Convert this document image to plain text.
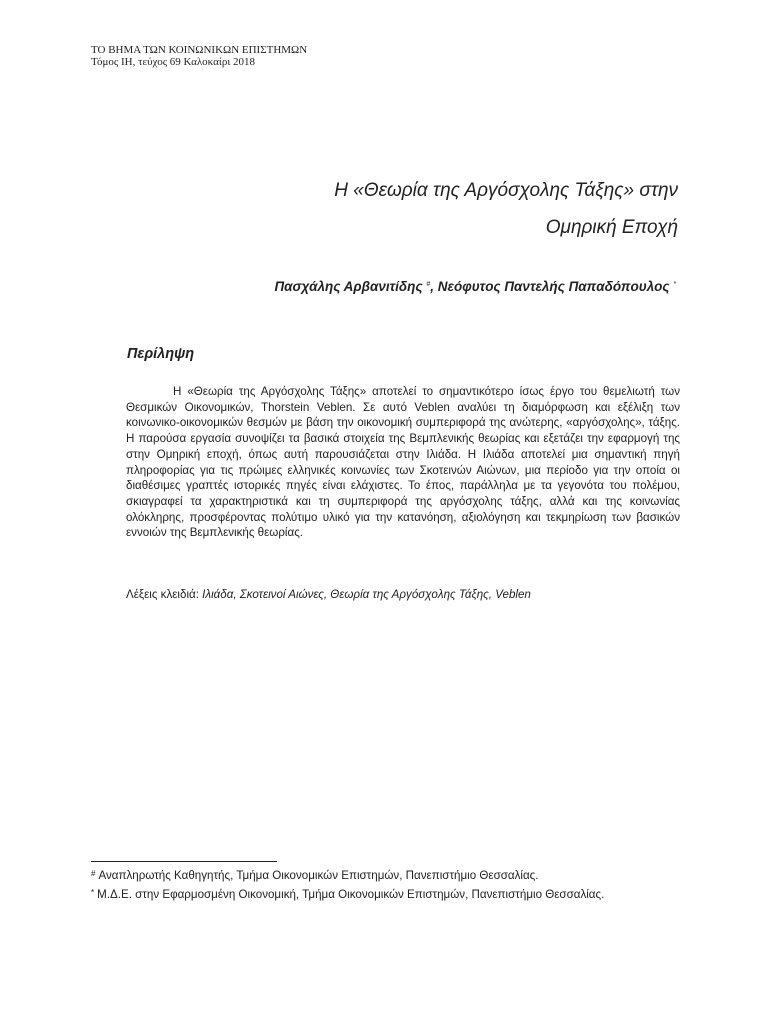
ΤΟ ΒΗΜΑ ΤΩΝ ΚΟΙΝΩΝΙΚΩΝ ΕΠΙΣΤΗΜΩΝ
Τόμος ΙΗ, τεύχος 69 Καλοκαίρι 2018
Η «Θεωρία της Αργόσχολης Τάξης» στην
Ομηρική Εποχή
Πασχάλης Αρβανιτίδης #, Νεόφυτος Παντελής Παπαδόπουλος *
Περίληψη

Η «Θεωρία της Αργόσχολης Τάξης» αποτελεί το σημαντικότερο ίσως έργο του θεμελιωτή των Θεσμικών Οικονομικών, Thorstein Veblen. Σε αυτό Veblen αναλύει τη διαμόρφωση και εξέλιξη των κοινωνικο-οικονομικών θεσμών με βάση την οικονομική συμπεριφορά της ανώτερης, «αργόσχολης», τάξης. Η παρούσα εργασία συνοψίζει τα βασικά στοιχεία της Βεμπλενικής θεωρίας και εξετάζει την εφαρμογή της στην Ομηρική εποχή, όπως αυτή παρουσιάζεται στην Ιλιάδα. Η Ιλιάδα αποτελεί μια σημαντική πηγή πληροφορίας για τις πρώιμες ελληνικές κοινωνίες των Σκοτεινών Αιώνων, μια περίοδο για την οποία οι διαθέσιμες γραπτές ιστορικές πηγές είναι ελάχιστες. Το έπος, παράλληλα με τα γεγονότα του πολέμου, σκιαγραφεί τα χαρακτηριστικά και τη συμπεριφορά της αργόσχολης τάξης, αλλά και της κοινωνίας ολόκληρης, προσφέροντας πολύτιμο υλικό για την κατανόηση, αξιολόγηση και τεκμηρίωση των βασικών εννοιών της Βεμπλενικής θεωρίας.

Λέξεις κλειδιά: Ιλιάδα, Σκοτεινοί Αιώνες, Θεωρία της Αργόσχολης Τάξης, Veblen

# Αναπληρωτής Καθηγητής, Τμήμα Οικονομικών Επιστημών, Πανεπιστήμιο Θεσσαλίας.

* Μ.Δ.Ε. στην Εφαρμοσμένη Οικονομική, Τμήμα Οικονομικών Επιστημών, Πανεπιστήμιο Θεσσαλίας.
